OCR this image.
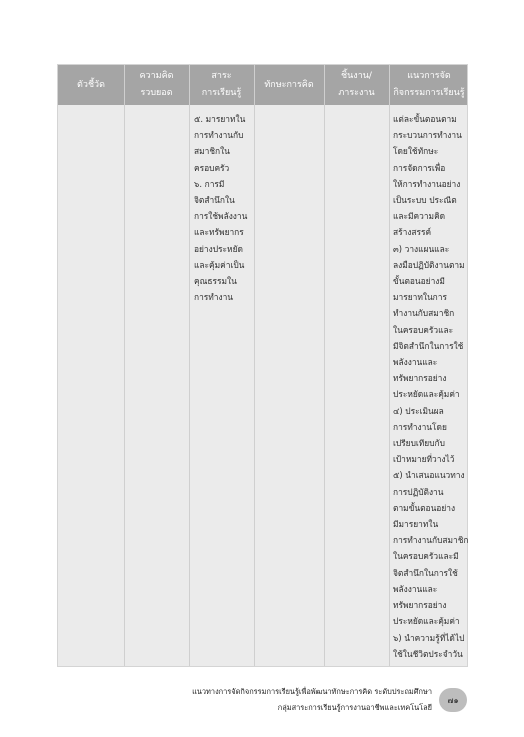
ตัวชี้วัด
ความคิด
รวบยอด
สาระ
การเรียนรู้
ทักษะการคิด
ชิ้นงาน/
ภาระงาน
แนวการจัด
กิจกรรมการเรียนรู้
๕. มารยาทใน
การทำงานกับ
สมาชิกใน
ครอบครัว
๖. การมี
จิตสำนึกใน
การใช้พลังงาน
และทรัพยากร
อย่างประหยัด
และคุ้มค่าเป็น
คุณธรรมใน
การทำงาน
แต่ละขั้นตอนตาม
กระบวนการทำงาน
โดยใช้ทักษะ
การจัดการเพื่อ
ให้การทำงานอย่าง
เป็นระบบ ประณีต
และมีความคิด
สร้างสรรค์
๓) วางแผนและ
ลงมือปฏิบัติงานตาม
ขั้นตอนอย่างมี
มารยาทในการ
ทำงานกับสมาชิก
ในครอบครัวและ
มีจิตสำนึกในการใช้
พลังงานและ
ทรัพยากรอย่าง
ประหยัดและคุ้มค่า
๔) ประเมินผล
การทำงานโดย
เปรียบเทียบกับ
เป้าหมายที่วางไว้
๕) นำเสนอแนวทาง
การปฏิบัติงาน
ตามขั้นตอนอย่าง
มีมารยาทใน
การทำงานกับสมาชิก
ในครอบครัวและมี
จิตสำนึกในการใช้
พลังงานและ
ทรัพยากรอย่าง
ประหยัดและคุ้มค่า
๖) นำความรู้ที่ได้ไป
ใช้ในชีวิตประจำวัน
แนวทางการจัดกิจกรรมการเรียนรู้เพื่อพัฒนาทักษะการคิด ระดับประถมศึกษา
กลุ่มสาระการเรียนรู้การงานอาชีพและเทคโนโลยี
๗๑
